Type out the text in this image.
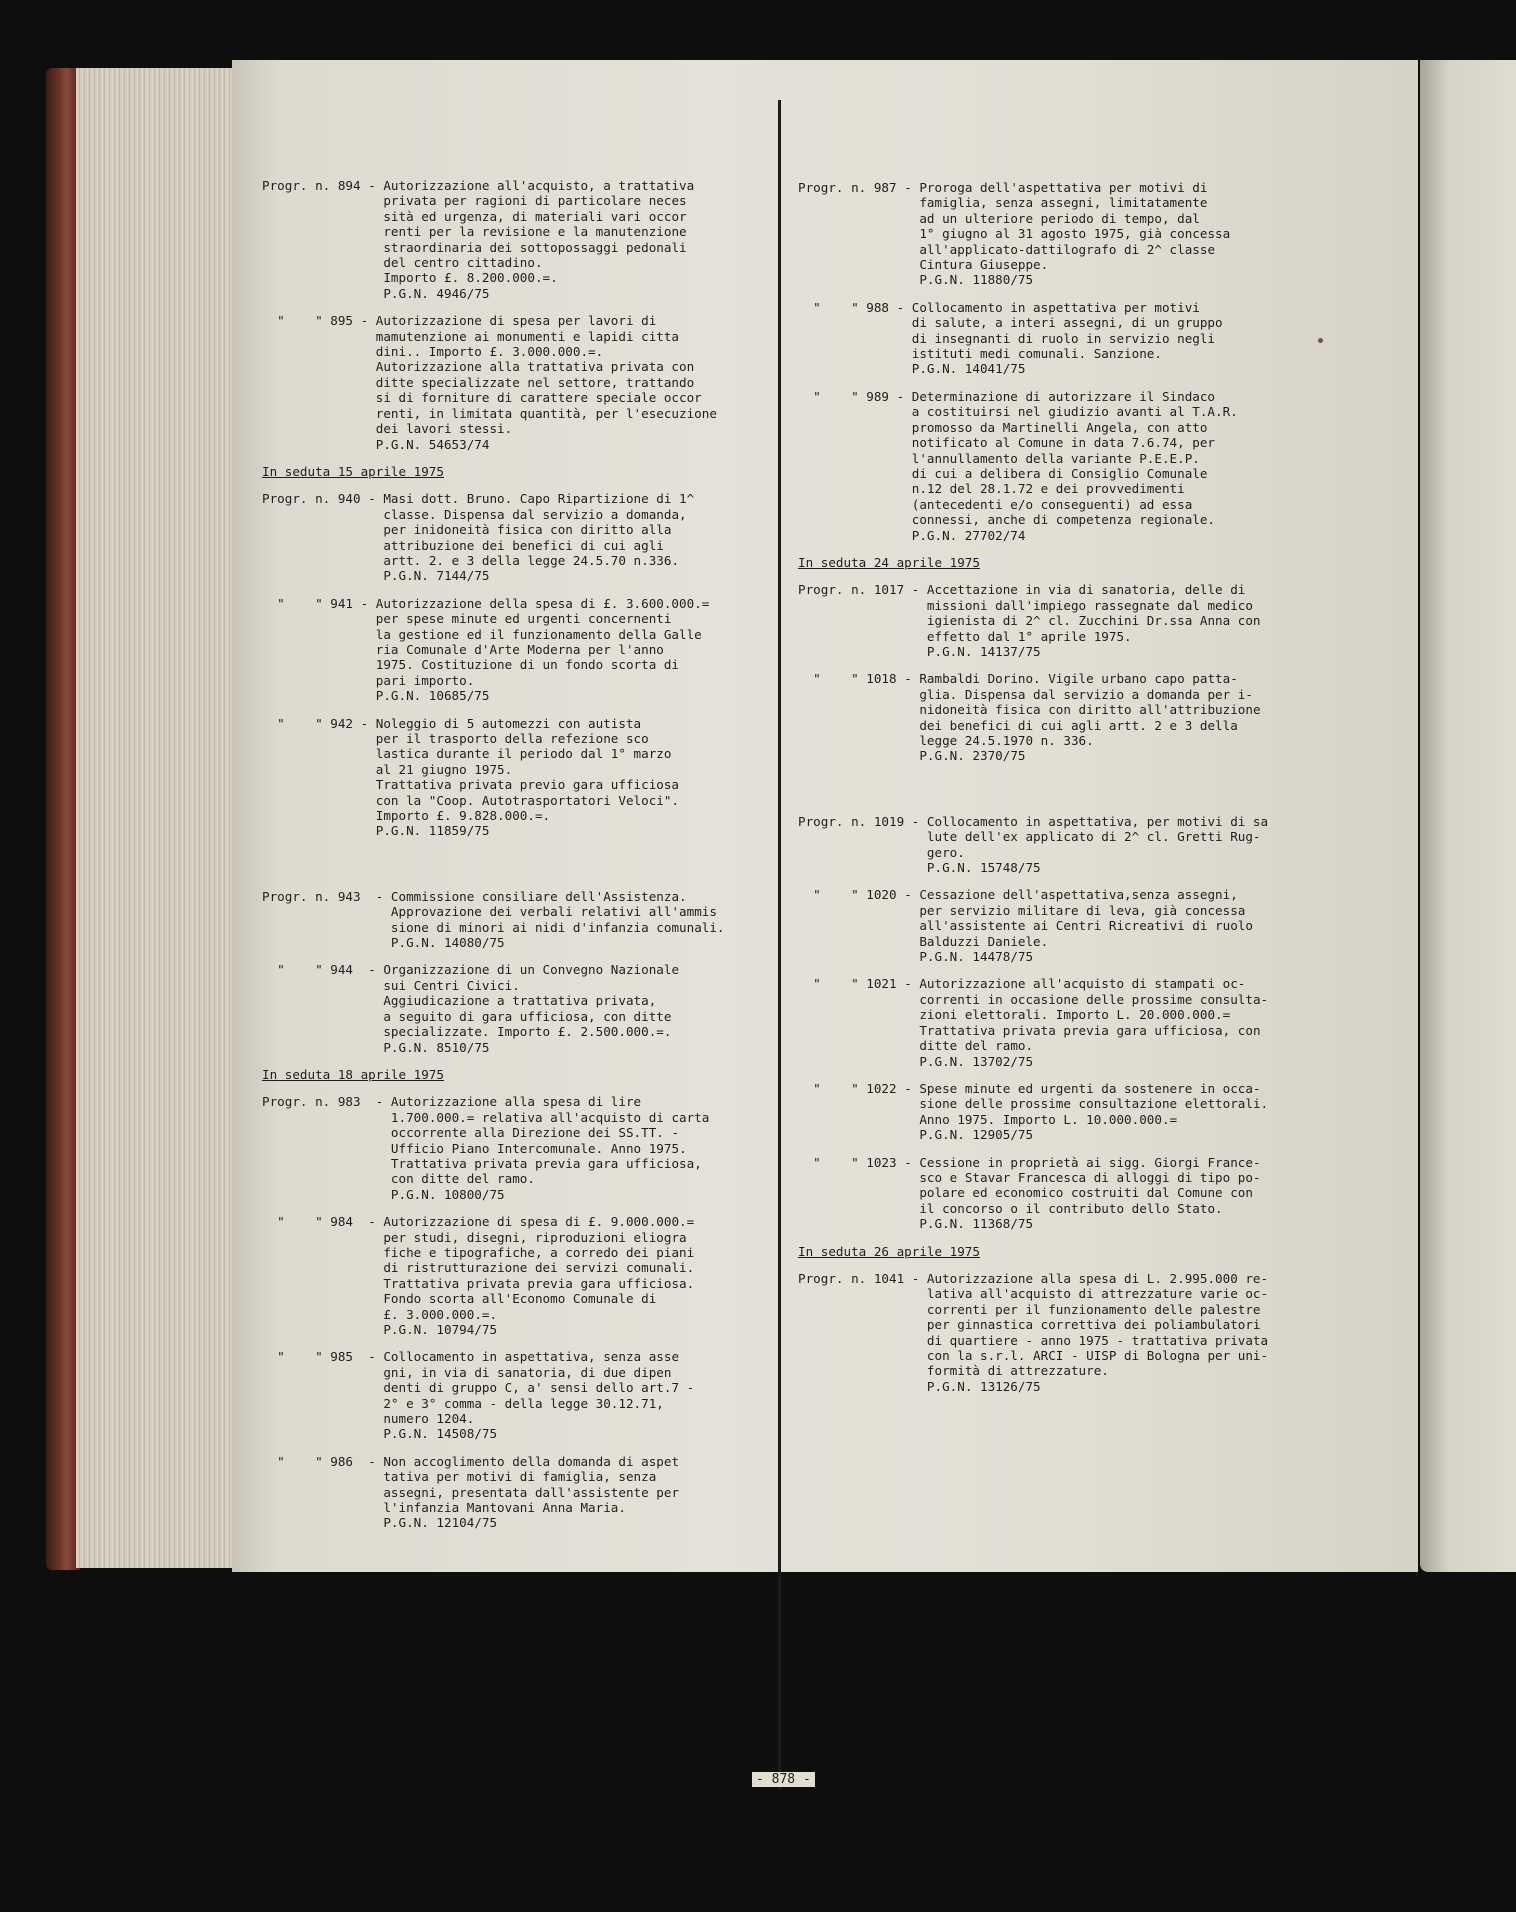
Progr. n. 894 - Autorizzazione all'acquisto, a trattativa
privata per ragioni di particolare neces
sità ed urgenza, di materiali vari occor
renti per la revisione e la manutenzione
straordinaria dei sottopossaggi pedonali
del centro cittadino.
Importo £. 8.200.000.=.
P.G.N. 4946/75
"    " 895 - Autorizzazione di spesa per lavori di
mamutenzione ai monumenti e lapidi citta
dini.. Importo £. 3.000.000.=.
Autorizzazione alla trattativa privata con
ditte specializzate nel settore, trattando
si di forniture di carattere speciale occor
renti, in limitata quantità, per l'esecuzione
dei lavori stessi.
P.G.N. 54653/74
In seduta 15 aprile 1975
Progr. n. 940 - Masi dott. Bruno. Capo Ripartizione di 1^
classe. Dispensa dal servizio a domanda,
per inidoneità fisica con diritto alla
attribuzione dei benefici di cui agli
artt. 2. e 3 della legge 24.5.70 n.336.
P.G.N. 7144/75
"    " 941 - Autorizzazione della spesa di £. 3.600.000.=
per spese minute ed urgenti concernenti
la gestione ed il funzionamento della Galle
ria Comunale d'Arte Moderna per l'anno
1975. Costituzione di un fondo scorta di
pari importo.
P.G.N. 10685/75
"    " 942 - Noleggio di 5 automezzi con autista
per il trasporto della refezione sco
lastica durante il periodo dal 1° marzo
al 21 giugno 1975.
Trattativa privata previo gara ufficiosa
con la "Coop. Autotrasportatori Veloci".
Importo £. 9.828.000.=.
P.G.N. 11859/75
Progr. n. 943  - Commissione consiliare dell'Assistenza.
Approvazione dei verbali relativi all'ammis
sione di minori ai nidi d'infanzia comunali.
P.G.N. 14080/75
"    " 944  - Organizzazione di un Convegno Nazionale
sui Centri Civici.
Aggiudicazione a trattativa privata,
a seguito di gara ufficiosa, con ditte
specializzate. Importo £. 2.500.000.=.
P.G.N. 8510/75
In seduta 18 aprile 1975
Progr. n. 983  - Autorizzazione alla spesa di lire
1.700.000.= relativa all'acquisto di carta
occorrente alla Direzione dei SS.TT. -
Ufficio Piano Intercomunale. Anno 1975.
Trattativa privata previa gara ufficiosa,
con ditte del ramo.
P.G.N. 10800/75
"    " 984  - Autorizzazione di spesa di £. 9.000.000.=
per studi, disegni, riproduzioni eliogra
fiche e tipografiche, a corredo dei piani
di ristrutturazione dei servizi comunali.
Trattativa privata previa gara ufficiosa.
Fondo scorta all'Economo Comunale di
£. 3.000.000.=.
P.G.N. 10794/75
"    " 985  - Collocamento in aspettativa, senza asse
gni, in via di sanatoria, di due dipen
denti di gruppo C, a' sensi dello art.7 -
2° e 3° comma - della legge 30.12.71,
numero 1204.
P.G.N. 14508/75
"    " 986  - Non accoglimento della domanda di aspet
tativa per motivi di famiglia, senza
assegni, presentata dall'assistente per
l'infanzia Mantovani Anna Maria.
P.G.N. 12104/75
Progr. n. 987 - Proroga dell'aspettativa per motivi di
famiglia, senza assegni, limitatamente
ad un ulteriore periodo di tempo, dal
1° giugno al 31 agosto 1975, già concessa
all'applicato-dattilografo di 2^ classe
Cintura Giuseppe.
P.G.N. 11880/75
"    " 988 - Collocamento in aspettativa per motivi
di salute, a interi assegni, di un gruppo
di insegnanti di ruolo in servizio negli
istituti medi comunali. Sanzione.
P.G.N. 14041/75
"    " 989 - Determinazione di autorizzare il Sindaco
a costituirsi nel giudizio avanti al T.A.R.
promosso da Martinelli Angela, con atto
notificato al Comune in data 7.6.74, per
l'annullamento della variante P.E.E.P.
di cui a delibera di Consiglio Comunale
n.12 del 28.1.72 e dei provvedimenti
(antecedenti e/o conseguenti) ad essa
connessi, anche di competenza regionale.
P.G.N. 27702/74
In seduta 24 aprile 1975
Progr. n. 1017 - Accettazione in via di sanatoria, delle di
missioni dall'impiego rassegnate dal medico
igienista di 2^ cl. Zucchini Dr.ssa Anna con
effetto dal 1° aprile 1975.
P.G.N. 14137/75
"    " 1018 - Rambaldi Dorino. Vigile urbano capo patta-
glia. Dispensa dal servizio a domanda per i-
nidoneità fisica con diritto all'attribuzione
dei benefici di cui agli artt. 2 e 3 della
legge 24.5.1970 n. 336.
P.G.N. 2370/75
Progr. n. 1019 - Collocamento in aspettativa, per motivi di sa
lute dell'ex applicato di 2^ cl. Gretti Rug-
gero.
P.G.N. 15748/75
"    " 1020 - Cessazione dell'aspettativa,senza assegni,
per servizio militare di leva, già concessa
all'assistente ai Centri Ricreativi di ruolo
Balduzzi Daniele.
P.G.N. 14478/75
"    " 1021 - Autorizzazione all'acquisto di stampati oc-
correnti in occasione delle prossime consulta-
zioni elettorali. Importo L. 20.000.000.=
Trattativa privata previa gara ufficiosa, con
ditte del ramo.
P.G.N. 13702/75
"    " 1022 - Spese minute ed urgenti da sostenere in occa-
sione delle prossime consultazione elettorali.
Anno 1975. Importo L. 10.000.000.=
P.G.N. 12905/75
"    " 1023 - Cessione in proprietà ai sigg. Giorgi France-
sco e Stavar Francesca di alloggi di tipo po-
polare ed economico costruiti dal Comune con
il concorso o il contributo dello Stato.
P.G.N. 11368/75
In seduta 26 aprile 1975
Progr. n. 1041 - Autorizzazione alla spesa di L. 2.995.000 re-
lativa all'acquisto di attrezzature varie oc-
correnti per il funzionamento delle palestre
per ginnastica correttiva dei poliambulatori
di quartiere - anno 1975 - trattativa privata
con la s.r.l. ARCI - UISP di Bologna per uni-
formità di attrezzature.
P.G.N. 13126/75
- 878 -
